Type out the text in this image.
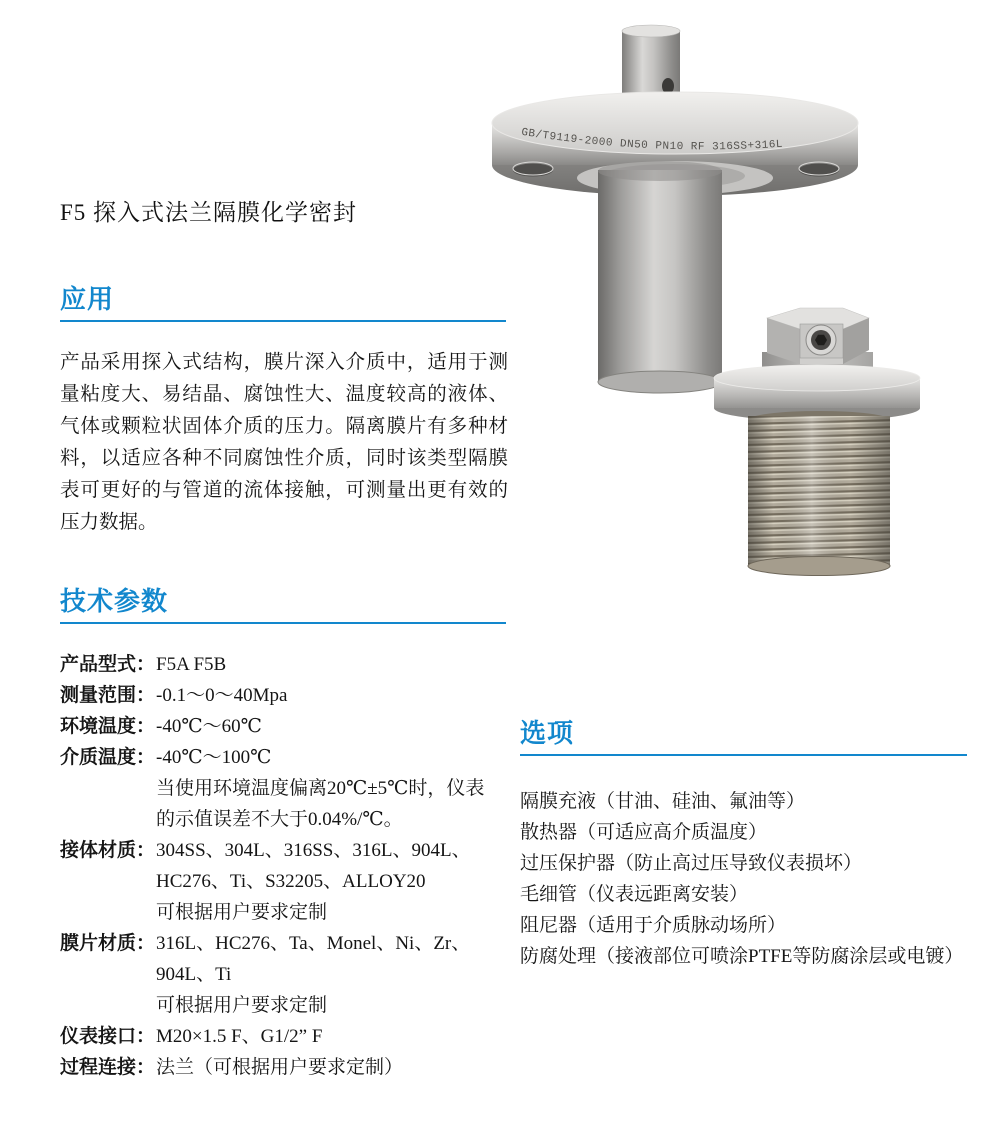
GB/T9119-2000 DN50 PN10 RF 316SS+316L
F5 探入式法兰隔膜化学密封
应用

产品采用探入式结构，膜片深入介质中，适用于测量粘度大、易结晶、腐蚀性大、温度较高的液体、气体或颗粒状固体介质的压力。隔离膜片有多种材料，以适应各种不同腐蚀性介质，同时该类型隔膜表可更好的与管道的流体接触，可测量出更有效的压力数据。

技术参数
产品型式： F5A F5B
测量范围： -0.1～0～40Mpa
环境温度： -40℃～60℃
介质温度： -40℃～100℃
当使用环境温度偏离20℃±5℃时，仪表
的示值误差不大于0.04%/℃。
接体材质： 304SS、304L、316SS、316L、904L、
HC276、Ti、S32205、ALLOY20
可根据用户要求定制
膜片材质： 316L、HC276、Ta、Monel、Ni、Zr、
904L、Ti
可根据用户要求定制
仪表接口： M20×1.5 F、G1/2” F
过程连接： 法兰（可根据用户要求定制）
选项
隔膜充液（甘油、硅油、氟油等）
散热器（可适应高介质温度）
过压保护器（防止高过压导致仪表损坏）
毛细管（仪表远距离安装）
阻尼器（适用于介质脉动场所）
防腐处理（接液部位可喷涂PTFE等防腐涂层或电镀）
